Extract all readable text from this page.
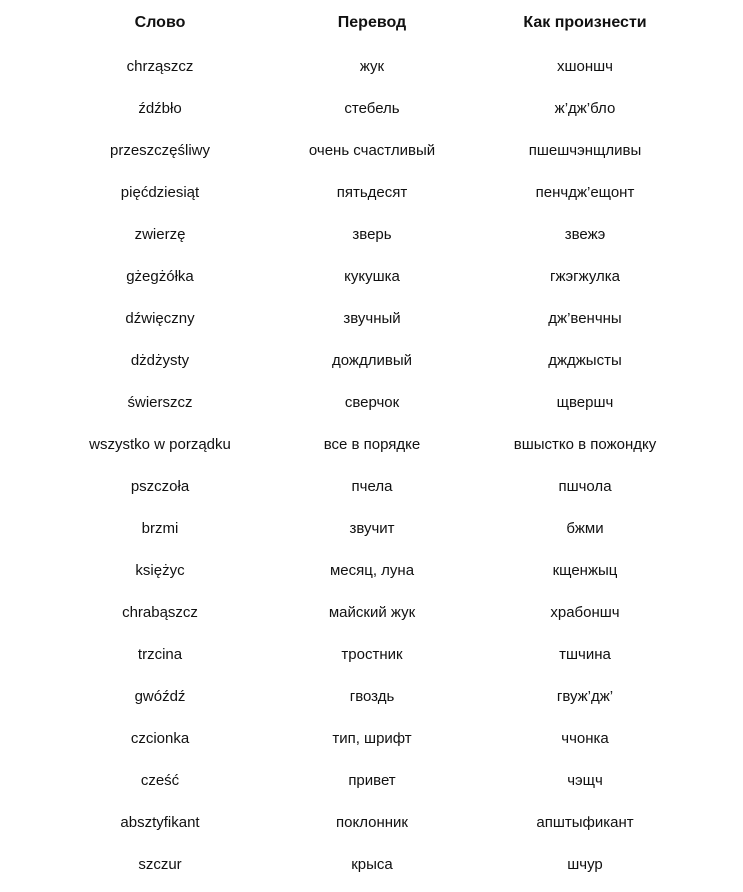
Слово	Перевод	Как произнести
chrząszcz	жук	хшоншч
źdźbło	стебель	ж’дж’бло
przeszczęśliwy	очень счастливый	пшешчэнщливы
pięćdziesiąt	пятьдесят	пенчдж’ещонт
zwierzę	зверь	звежэ
gżegżółka	кукушка	гжэгжулка
dźwięczny	звучный	дж’венчны
dżdżysty	дождливый	джджысты
świerszcz	сверчок	щвершч
wszystko w porządku	все в порядке	вшыстко в пожондку
pszczoła	пчела	пшчола
brzmi	звучит	бжми
księżyc	месяц, луна	кщенжыц
chrabąszcz	майский жук	храбоншч
trzcina	тростник	тшчина
gwóźdź	гвоздь	гвуж’дж’
czcionka	тип, шрифт	ччонка
cześć	привет	чэщч
absztyfikant	поклонник	апштыфикант
szczur	крыса	шчур
